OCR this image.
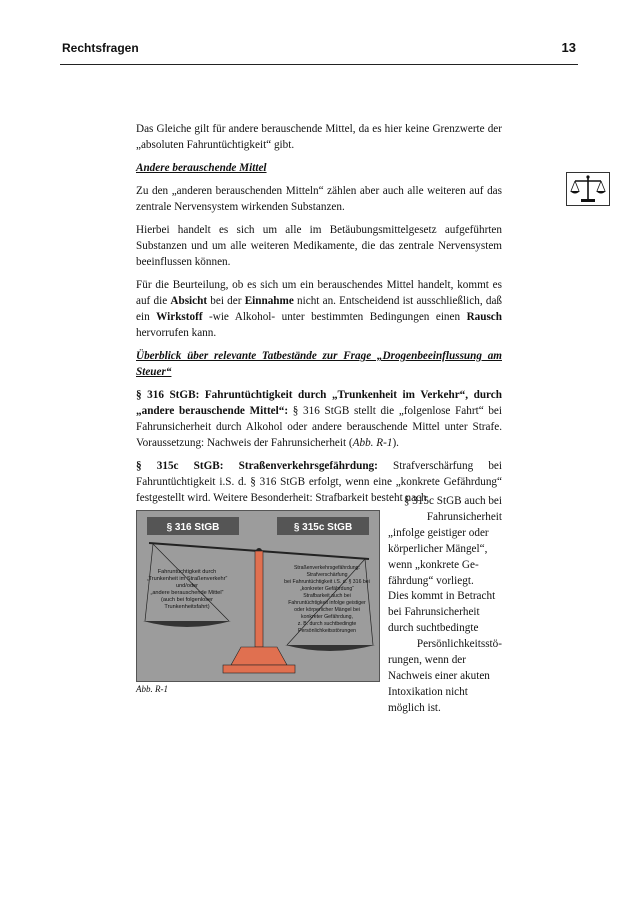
Rechtsfragen	13

Das Gleiche gilt für andere berauschende Mittel, da es hier keine Grenzwerte der „absoluten Fahruntüchtigkeit“ gibt.

Andere berauschende Mittel

Zu den „anderen berauschenden Mitteln“ zählen aber auch alle weiteren auf das zentrale Nervensystem wirkenden Substanzen.

Hierbei handelt es sich um alle im Betäubungsmittelgesetz aufgeführten Substanzen und um alle weiteren Medikamente, die das zentrale Nervensystem beeinflussen können.

Für die Beurteilung, ob es sich um ein berauschendes Mittel handelt, kommt es auf die Absicht bei der Einnahme nicht an. Entscheidend ist ausschließlich, daß ein Wirkstoff -wie Alkohol- unter bestimmten Bedingungen einen Rausch hervorrufen kann.

Überblick über relevante Tatbestände zur Frage „Drogenbeeinflussung am Steuer“

§ 316 StGB: Fahruntüchtigkeit durch „Trunkenheit im Verkehr“, durch „andere berauschende Mittel“: § 316 StGB stellt die „folgenlose Fahrt“ bei Fahrunsicherheit durch Alkohol oder andere berauschende Mittel unter Strafe. Voraussetzung: Nachweis der Fahrunsicherheit (Abb. R-1).

§ 315c StGB: Straßenverkehrsgefährdung: Strafverschärfung bei Fahruntüchtigkeit i.S. d. § 316 StGB erfolgt, wenn eine „konkrete Gefährdung“ festgestellt wird. Weitere Besonderheit: Strafbarkeit besteht nach

§ 316 StGB	§ 315c StGB
Fahruntüchtigkeit durch
„Trunkenheit im Straßenverkehr“
und/oder
„andere berauschende Mittel“
(auch bei folgenloser
Trunkenheitsfahrt)
Straßenverkehrsgefährdung:
Strafverschärfung
bei Fahruntüchtigkeit i.S. d. § 316 bei
„konkreter Gefährdung“
Strafbarkeit auch bei
Fahruntüchtigkeit infolge geistiger
oder körperlicher Mängel bei
konkreter Gefährdung,
z. B. durch suchtbedingte
Persönlichkeitsstörungen
Abb. R-1
§ 315c StGB auch bei
Fahrunsicherheit
„infolge geistiger oder
körperlicher Mängel“,
wenn „konkrete Ge-
fährdung“ vorliegt.
Dies kommt in Betracht
bei Fahrunsicherheit
durch suchtbedingte
Persönlichkeitsstö-
rungen, wenn der
Nachweis einer akuten
Intoxikation nicht
möglich ist.
